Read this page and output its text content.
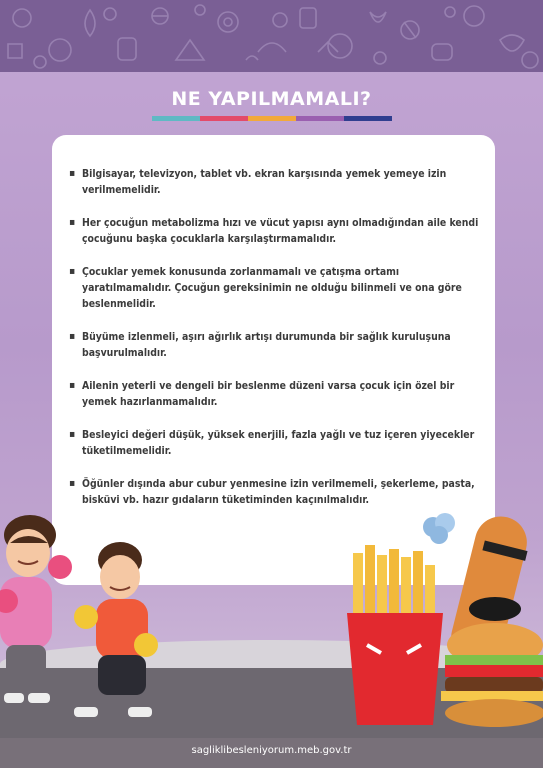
NE YAPILMAMALI?
▪ Bilgisayar, televizyon, tablet vb. ekran karşısında yemek yemeye izin verilmemelidir.
▪ Her çocuğun metabolizma hızı ve vücut yapısı aynı olmadığından aile kendi çocuğunu başka çocuklarla karşılaştırmamalıdır.
▪ Çocuklar yemek konusunda zorlanmamalı ve çatışma ortamı yaratılmamalıdır. Çocuğun gereksinimin ne olduğu bilinmeli ve ona göre beslenmelidir.
▪ Büyüme izlenmeli, aşırı ağırlık artışı durumunda bir sağlık kuruluşuna başvurulmalıdır.
▪ Ailenin yeterli ve dengeli bir beslenme düzeni varsa çocuk için özel bir yemek hazırlanmamalıdır.
▪ Besleyici değeri düşük, yüksek enerjili, fazla yağlı ve tuz içeren yiyecekler tüketilmemelidir.
▪ Öğünler dışında abur cubur yenmesine izin verilmemeli, şekerleme, pasta, bisküvi vb. hazır gıdaların tüketiminden kaçınılmalıdır.
sagliklibesleniyorum.meb.gov.tr
